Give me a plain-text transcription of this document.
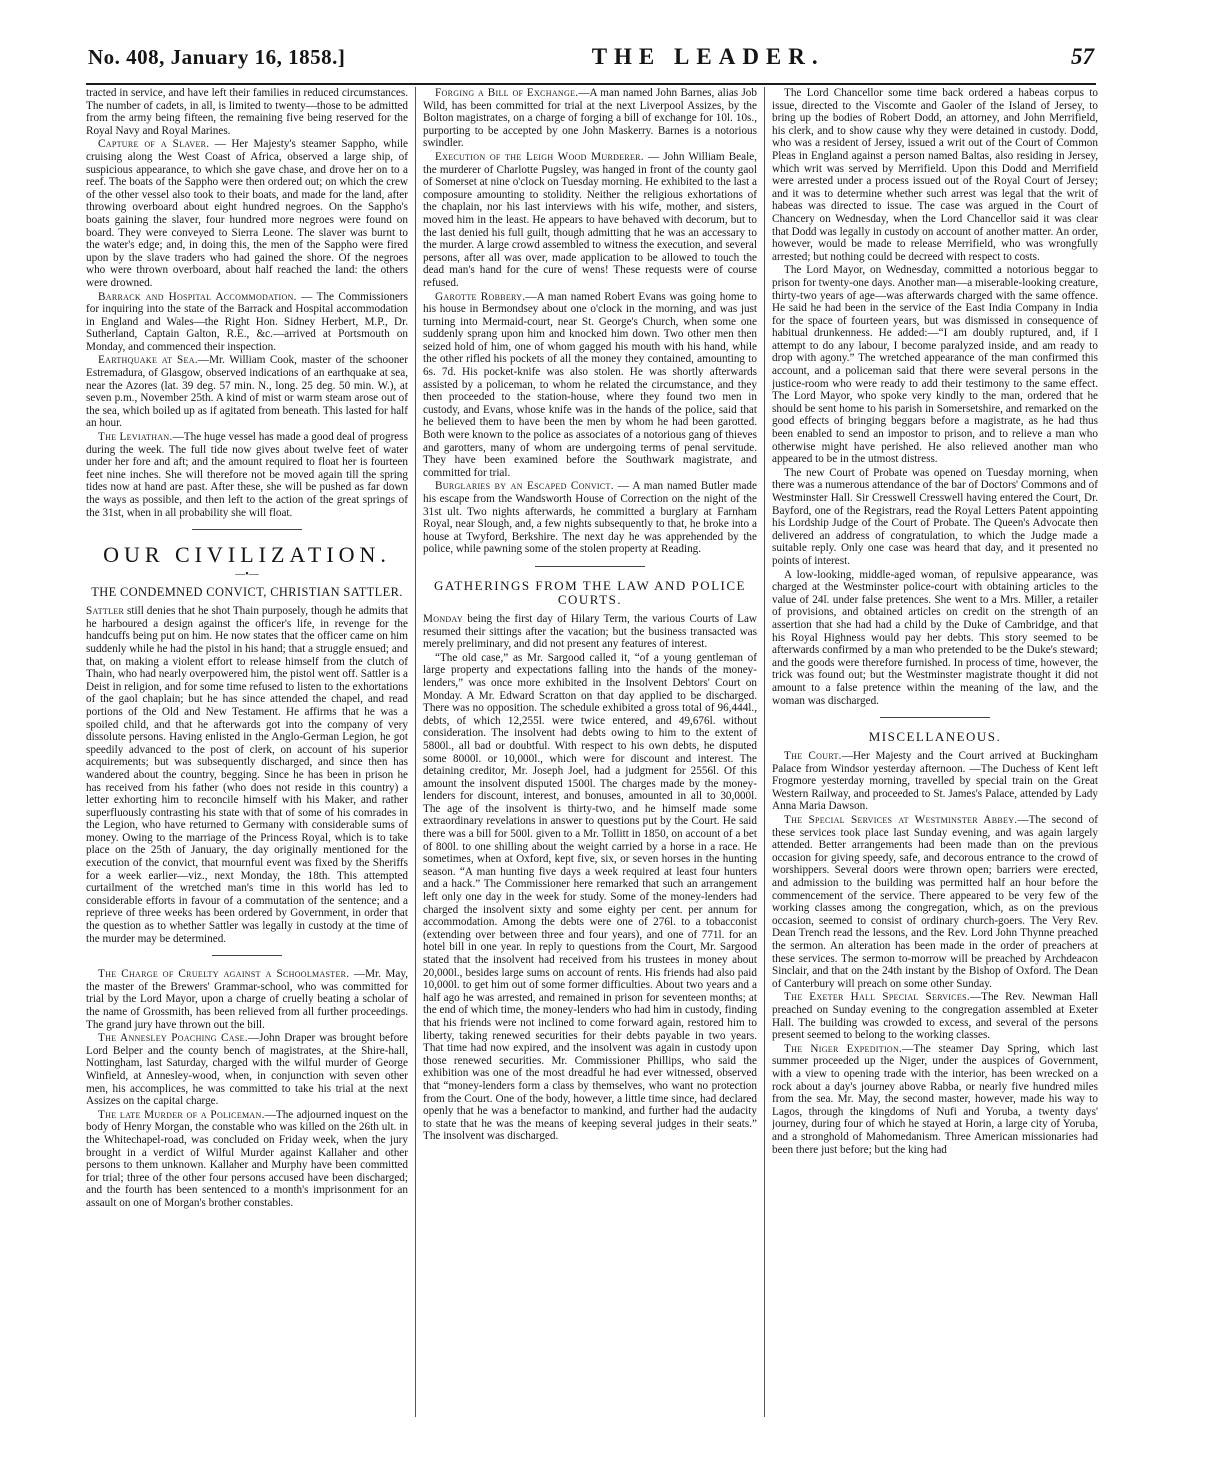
No. 408, January 16, 1858.]	THE LEADER.	57

tracted in service, and have left their families in reduced circumstances. The number of cadets, in all, is limited to twenty—those to be admitted from the army being fifteen, the remaining five being reserved for the Royal Navy and Royal Marines.

Capture of a Slaver. — Her Majesty's steamer Sappho, while cruising along the West Coast of Africa, observed a large ship, of suspicious appearance, to which she gave chase, and drove her on to a reef. The boats of the Sappho were then ordered out; on which the crew of the other vessel also took to their boats, and made for the land, after throwing overboard about eight hundred negroes. On the Sappho's boats gaining the slaver, four hundred more negroes were found on board. They were conveyed to Sierra Leone. The slaver was burnt to the water's edge; and, in doing this, the men of the Sappho were fired upon by the slave traders who had gained the shore. Of the negroes who were thrown overboard, about half reached the land: the others were drowned.

Barrack and Hospital Accommodation. — The Commissioners for inquiring into the state of the Barrack and Hospital accommodation in England and Wales—the Right Hon. Sidney Herbert, M.P., Dr. Sutherland, Captain Galton, R.E., &c.—arrived at Portsmouth on Monday, and commenced their inspection.

Earthquake at Sea.—Mr. William Cook, master of the schooner Estremadura, of Glasgow, observed indications of an earthquake at sea, near the Azores (lat. 39 deg. 57 min. N., long. 25 deg. 50 min. W.), at seven p.m., November 25th. A kind of mist or warm steam arose out of the sea, which boiled up as if agitated from beneath. This lasted for half an hour.

The Leviathan.—The huge vessel has made a good deal of progress during the week. The full tide now gives about twelve feet of water under her fore and aft; and the amount required to float her is fourteen feet nine inches. She will therefore not be moved again till the spring tides now at hand are past. After these, she will be pushed as far down the ways as possible, and then left to the action of the great springs of the 31st, when in all probability she will float.

OUR CIVILIZATION.
—•—
THE CONDEMNED CONVICT, CHRISTIAN SATTLER.

Sattler still denies that he shot Thain purposely, though he admits that he harboured a design against the officer's life, in revenge for the handcuffs being put on him. He now states that the officer came on him suddenly while he had the pistol in his hand; that a struggle ensued; and that, on making a violent effort to release himself from the clutch of Thain, who had nearly overpowered him, the pistol went off. Sattler is a Deist in religion, and for some time refused to listen to the exhortations of the gaol chaplain; but he has since attended the chapel, and read portions of the Old and New Testament. He affirms that he was a spoiled child, and that he afterwards got into the company of very dissolute persons. Having enlisted in the Anglo-German Legion, he got speedily advanced to the post of clerk, on account of his superior acquirements; but was subsequently discharged, and since then has wandered about the country, begging. Since he has been in prison he has received from his father (who does not reside in this country) a letter exhorting him to reconcile himself with his Maker, and rather superfluously contrasting his state with that of some of his comrades in the Legion, who have returned to Germany with considerable sums of money. Owing to the marriage of the Princess Royal, which is to take place on the 25th of January, the day originally mentioned for the execution of the convict, that mournful event was fixed by the Sheriffs for a week earlier—viz., next Monday, the 18th. This attempted curtailment of the wretched man's time in this world has led to considerable efforts in favour of a commutation of the sentence; and a reprieve of three weeks has been ordered by Government, in order that the question as to whether Sattler was legally in custody at the time of the murder may be determined.

The Charge of Cruelty against a Schoolmaster. —Mr. May, the master of the Brewers' Grammar-school, who was committed for trial by the Lord Mayor, upon a charge of cruelly beating a scholar of the name of Grossmith, has been relieved from all further proceedings. The grand jury have thrown out the bill.

The Annesley Poaching Case.—John Draper was brought before Lord Belper and the county bench of magistrates, at the Shire-hall, Nottingham, last Saturday, charged with the wilful murder of George Winfield, at Annesley-wood, when, in conjunction with seven other men, his accomplices, he was committed to take his trial at the next Assizes on the capital charge.

The late Murder of a Policeman.—The adjourned inquest on the body of Henry Morgan, the constable who was killed on the 26th ult. in the Whitechapel-road, was concluded on Friday week, when the jury brought in a verdict of Wilful Murder against Kallaher and other persons to them unknown. Kallaher and Murphy have been committed for trial; three of the other four persons accused have been discharged; and the fourth has been sentenced to a month's imprisonment for an assault on one of Morgan's brother constables.

Forging a Bill of Exchange.—A man named John Barnes, alias Job Wild, has been committed for trial at the next Liverpool Assizes, by the Bolton magistrates, on a charge of forging a bill of exchange for 10l. 10s., purporting to be accepted by one John Maskerry. Barnes is a notorious swindler.

Execution of the Leigh Wood Murderer. — John William Beale, the murderer of Charlotte Pugsley, was hanged in front of the county gaol of Somerset at nine o'clock on Tuesday morning. He exhibited to the last a composure amounting to stolidity. Neither the religious exhortations of the chaplain, nor his last interviews with his wife, mother, and sisters, moved him in the least. He appears to have behaved with decorum, but to the last denied his full guilt, though admitting that he was an accessary to the murder. A large crowd assembled to witness the execution, and several persons, after all was over, made application to be allowed to touch the dead man's hand for the cure of wens! These requests were of course refused.

Garotte Robbery.—A man named Robert Evans was going home to his house in Bermondsey about one o'clock in the morning, and was just turning into Mermaid-court, near St. George's Church, when some one suddenly sprang upon him and knocked him down. Two other men then seized hold of him, one of whom gagged his mouth with his hand, while the other rifled his pockets of all the money they contained, amounting to 6s. 7d. His pocket-knife was also stolen. He was shortly afterwards assisted by a policeman, to whom he related the circumstance, and they then proceeded to the station-house, where they found two men in custody, and Evans, whose knife was in the hands of the police, said that he believed them to have been the men by whom he had been garotted. Both were known to the police as associates of a notorious gang of thieves and garotters, many of whom are undergoing terms of penal servitude. They have been examined before the Southwark magistrate, and committed for trial.

Burglaries by an Escaped Convict. — A man named Butler made his escape from the Wandsworth House of Correction on the night of the 31st ult. Two nights afterwards, he committed a burglary at Farnham Royal, near Slough, and, a few nights subsequently to that, he broke into a house at Twyford, Berkshire. The next day he was apprehended by the police, while pawning some of the stolen property at Reading.

GATHERINGS FROM THE LAW AND POLICE COURTS.

Monday being the first day of Hilary Term, the various Courts of Law resumed their sittings after the vacation; but the business transacted was merely preliminary, and did not present any features of interest.

“The old case,” as Mr. Sargood called it, “of a young gentleman of large property and expectations falling into the hands of the money-lenders,” was once more exhibited in the Insolvent Debtors' Court on Monday. A Mr. Edward Scratton on that day applied to be discharged. There was no opposition. The schedule exhibited a gross total of 96,444l., debts, of which 12,255l. were twice entered, and 49,676l. without consideration. The insolvent had debts owing to him to the extent of 5800l., all bad or doubtful. With respect to his own debts, he disputed some 8000l. or 10,000l., which were for discount and interest. The detaining creditor, Mr. Joseph Joel, had a judgment for 2556l. Of this amount the insolvent disputed 1500l. The charges made by the money-lenders for discount, interest, and bonuses, amounted in all to 30,000l. The age of the insolvent is thirty-two, and he himself made some extraordinary revelations in answer to questions put by the Court. He said there was a bill for 500l. given to a Mr. Tollitt in 1850, on account of a bet of 800l. to one shilling about the weight carried by a horse in a race. He sometimes, when at Oxford, kept five, six, or seven horses in the hunting season. “A man hunting five days a week required at least four hunters and a hack.” The Commissioner here remarked that such an arrangement left only one day in the week for study. Some of the money-lenders had charged the insolvent sixty and some eighty per cent. per annum for accommodation. Among the debts were one of 276l. to a tobacconist (extending over between three and four years), and one of 771l. for an hotel bill in one year. In reply to questions from the Court, Mr. Sargood stated that the insolvent had received from his trustees in money about 20,000l., besides large sums on account of rents. His friends had also paid 10,000l. to get him out of some former difficulties. About two years and a half ago he was arrested, and remained in prison for seventeen months; at the end of which time, the money-lenders who had him in custody, finding that his friends were not inclined to come forward again, restored him to liberty, taking renewed securities for their debts payable in two years. That time had now expired, and the insolvent was again in custody upon those renewed securities. Mr. Commissioner Phillips, who said the exhibition was one of the most dreadful he had ever witnessed, observed that “money-lenders form a class by themselves, who want no protection from the Court. One of the body, however, a little time since, had declared openly that he was a benefactor to mankind, and further had the audacity to state that he was the means of keeping several judges in their seats.” The insolvent was discharged.

The Lord Chancellor some time back ordered a habeas corpus to issue, directed to the Viscomte and Gaoler of the Island of Jersey, to bring up the bodies of Robert Dodd, an attorney, and John Merrifield, his clerk, and to show cause why they were detained in custody. Dodd, who was a resident of Jersey, issued a writ out of the Court of Common Pleas in England against a person named Baltas, also residing in Jersey, which writ was served by Merrifield. Upon this Dodd and Merrifield were arrested under a process issued out of the Royal Court of Jersey; and it was to determine whether such arrest was legal that the writ of habeas was directed to issue. The case was argued in the Court of Chancery on Wednesday, when the Lord Chancellor said it was clear that Dodd was legally in custody on account of another matter. An order, however, would be made to release Merrifield, who was wrongfully arrested; but nothing could be decreed with respect to costs.

The Lord Mayor, on Wednesday, committed a notorious beggar to prison for twenty-one days. Another man—a miserable-looking creature, thirty-two years of age—was afterwards charged with the same offence. He said he had been in the service of the East India Company in India for the space of fourteen years, but was dismissed in consequence of habitual drunkenness. He added:—“I am doubly ruptured, and, if I attempt to do any labour, I become paralyzed inside, and am ready to drop with agony.” The wretched appearance of the man confirmed this account, and a policeman said that there were several persons in the justice-room who were ready to add their testimony to the same effect. The Lord Mayor, who spoke very kindly to the man, ordered that he should be sent home to his parish in Somersetshire, and remarked on the good effects of bringing beggars before a magistrate, as he had thus been enabled to send an impostor to prison, and to relieve a man who otherwise might have perished. He also relieved another man who appeared to be in the utmost distress.

The new Court of Probate was opened on Tuesday morning, when there was a numerous attendance of the bar of Doctors' Commons and of Westminster Hall. Sir Cresswell Cresswell having entered the Court, Dr. Bayford, one of the Registrars, read the Royal Letters Patent appointing his Lordship Judge of the Court of Probate. The Queen's Advocate then delivered an address of congratulation, to which the Judge made a suitable reply. Only one case was heard that day, and it presented no points of interest.

A low-looking, middle-aged woman, of repulsive appearance, was charged at the Westminster police-court with obtaining articles to the value of 24l. under false pretences. She went to a Mrs. Miller, a retailer of provisions, and obtained articles on credit on the strength of an assertion that she had had a child by the Duke of Cambridge, and that his Royal Highness would pay her debts. This story seemed to be afterwards confirmed by a man who pretended to be the Duke's steward; and the goods were therefore furnished. In process of time, however, the trick was found out; but the Westminster magistrate thought it did not amount to a false pretence within the meaning of the law, and the woman was discharged.

MISCELLANEOUS.

The Court.—Her Majesty and the Court arrived at Buckingham Palace from Windsor yesterday afternoon. —The Duchess of Kent left Frogmore yesterday morning, travelled by special train on the Great Western Railway, and proceeded to St. James's Palace, attended by Lady Anna Maria Dawson.

The Special Services at Westminster Abbey.—The second of these services took place last Sunday evening, and was again largely attended. Better arrangements had been made than on the previous occasion for giving speedy, safe, and decorous entrance to the crowd of worshippers. Several doors were thrown open; barriers were erected, and admission to the building was permitted half an hour before the commencement of the service. There appeared to be very few of the working classes among the congregation, which, as on the previous occasion, seemed to consist of ordinary church-goers. The Very Rev. Dean Trench read the lessons, and the Rev. Lord John Thynne preached the sermon. An alteration has been made in the order of preachers at these services. The sermon to-morrow will be preached by Archdeacon Sinclair, and that on the 24th instant by the Bishop of Oxford. The Dean of Canterbury will preach on some other Sunday.

The Exeter Hall Special Services.—The Rev. Newman Hall preached on Sunday evening to the congregation assembled at Exeter Hall. The building was crowded to excess, and several of the persons present seemed to belong to the working classes.

The Niger Expedition.—The steamer Day Spring, which last summer proceeded up the Niger, under the auspices of Government, with a view to opening trade with the interior, has been wrecked on a rock about a day's journey above Rabba, or nearly five hundred miles from the sea. Mr. May, the second master, however, made his way to Lagos, through the kingdoms of Nufi and Yoruba, a twenty days' journey, during four of which he stayed at Horin, a large city of Yoruba, and a stronghold of Mahomedanism. Three American missionaries had been there just before; but the king had
